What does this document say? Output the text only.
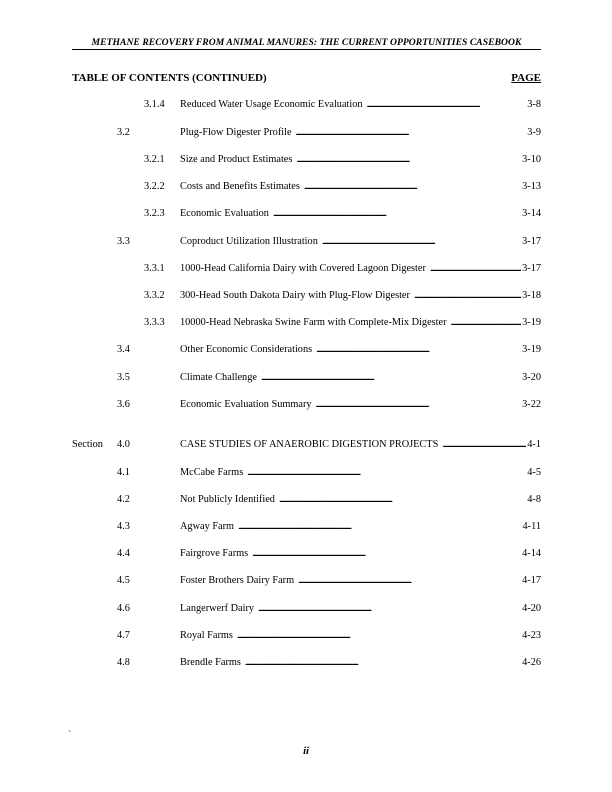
METHANE RECOVERY FROM ANIMAL MANURES: THE CURRENT OPPORTUNITIES CASEBOOK
TABLE OF CONTENTS (CONTINUED)	PAGE
3.1.4 Reduced Water Usage Economic Evaluation . . .	3-8
3.2	Plug-Flow Digester Profile . . .	3-9
3.2.1 Size and Product Estimates . . .	3-10
3.2.2 Costs and Benefits Estimates . . .	3-13
3.2.3 Economic Evaluation . . .	3-14
3.3	Coproduct Utilization Illustration . . .	3-17
3.3.1 1000-Head California Dairy with Covered Lagoon Digester . . .	3-17
3.3.2 300-Head South Dakota Dairy with Plug-Flow Digester . . .	3-18
3.3.3 10000-Head Nebraska Swine Farm with Complete-Mix Digester . . .	3-19
3.4	Other Economic Considerations . . .	3-19
3.5	Climate Challenge . . .	3-20
3.6	Economic Evaluation Summary . . .	3-22
Section 4.0	CASE STUDIES OF ANAEROBIC DIGESTION PROJECTS . . .	4-1
4.1	McCabe Farms . . .	4-5
4.2	Not Publicly Identified . . .	4-8
4.3	Agway Farm . . .	4-11
4.4	Fairgrove Farms . . .	4-14
4.5	Foster Brothers Dairy Farm . . .	4-17
4.6	Langerwerf Dairy . . .	4-20
4.7	Royal Farms . . .	4-23
4.8	Brendle Farms . . .	4-26
`
ii
